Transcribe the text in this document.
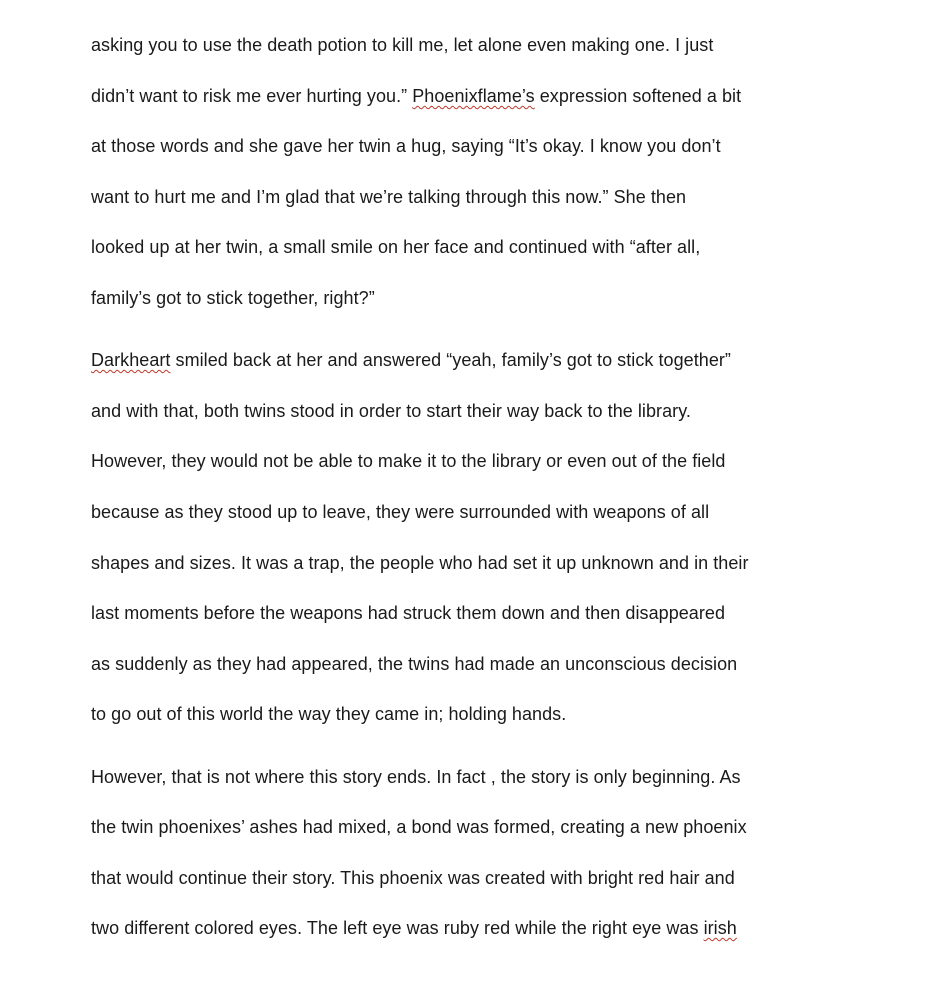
asking you to use the death potion to kill me, let alone even making one. I just
didn’t want to risk me ever hurting you.” Phoenixflame’s expression softened a bit
at those words and she gave her twin a hug, saying “It’s okay. I know you don’t
want to hurt me and I’m glad that we’re talking through this now.” She then
looked up at her twin, a small smile on her face and continued with “after all,
family’s got to stick together, right?”
Darkheart smiled back at her and answered “yeah, family’s got to stick together”
and with that, both twins stood in order to start their way back to the library.
However, they would not be able to make it to the library or even out of the field
because as they stood up to leave, they were surrounded with weapons of all
shapes and sizes. It was a trap, the people who had set it up unknown and in their
last moments before the weapons had struck them down and then disappeared
as suddenly as they had appeared, the twins had made an unconscious decision
to go out of this world the way they came in; holding hands.
However, that is not where this story ends. In fact , the story is only beginning. As
the twin phoenixes’ ashes had mixed, a bond was formed, creating a new phoenix
that would continue their story. This phoenix was created with bright red hair and
two different colored eyes. The left eye was ruby red while the right eye was irish
